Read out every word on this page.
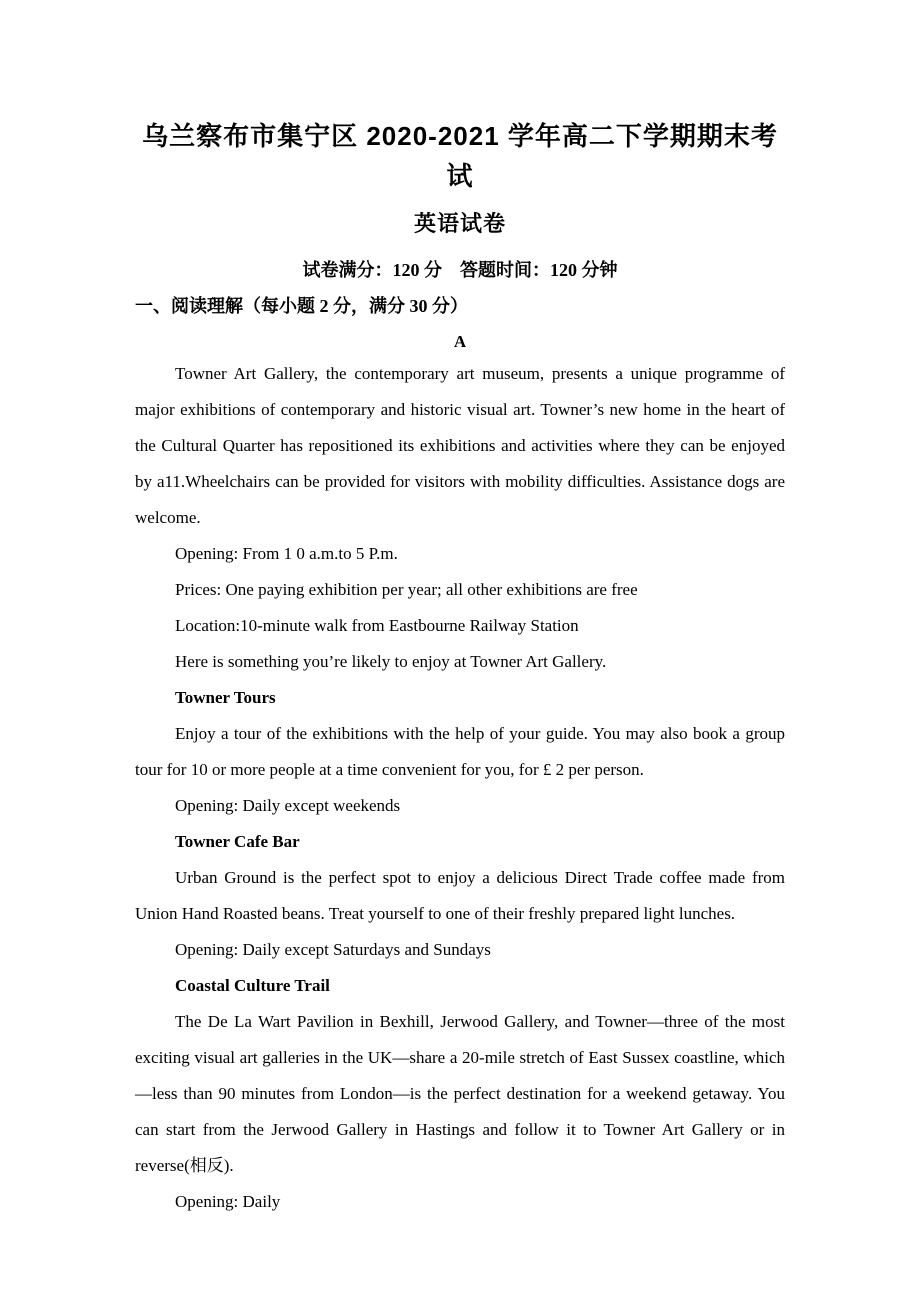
乌兰察布市集宁区 2020-2021 学年高二下学期期末考试
英语试卷
试卷满分：120 分　答题时间：120 分钟
一、阅读理解（每小题 2 分，满分 30 分）
A

Towner Art Gallery, the contemporary art museum, presents a unique programme of major exhibitions of contemporary and historic visual art. Towner’s new home in the heart of the Cultural Quarter has repositioned its exhibitions and activities where they can be enjoyed by a11.Wheelchairs can be provided for visitors with mobility difficulties. Assistance dogs are welcome.

Opening: From 1 0 a.m.to 5 P.m.

Prices: One paying exhibition per year; all other exhibitions are free

Location:10-minute walk from Eastbourne Railway Station

Here is something you’re likely to enjoy at Towner Art Gallery.

Towner Tours

Enjoy a tour of the exhibitions with the help of your guide. You may also book a group tour for 10 or more people at a time convenient for you, for £ 2 per person.

Opening: Daily except weekends

Towner Cafe Bar

Urban Ground is the perfect spot to enjoy a delicious Direct Trade coffee made from Union Hand Roasted beans. Treat yourself to one of their freshly prepared light lunches.

Opening: Daily except Saturdays and Sundays

Coastal Culture Trail

The De La Wart Pavilion in Bexhill, Jerwood Gallery, and Towner—three of the most exciting visual art galleries in the UK—share a 20-mile stretch of East Sussex coastline, which—less than 90 minutes from London—is the perfect destination for a weekend getaway. You can start from the Jerwood Gallery in Hastings and follow it to Towner Art Gallery or in reverse(相反).

Opening: Daily
